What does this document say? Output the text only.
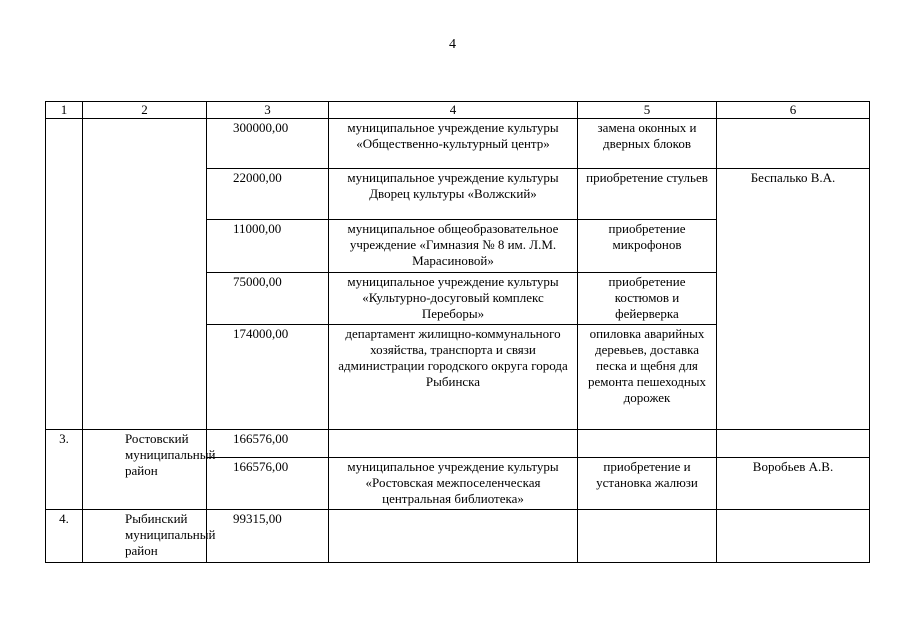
4
1	2	3	4	5	6
		300000,00	муниципальное учреждение культуры «Общественно-культурный центр»	замена оконных и дверных блоков	
		22000,00	муниципальное учреждение культуры Дворец культуры «Волжский»	приобретение стульев	Беспалько В.А.
		11000,00	муниципальное общеобразовательное учреждение «Гимназия № 8 им. Л.М. Марасиновой»	приобретение микрофонов	
		75000,00	муниципальное учреждение культуры «Культурно-досуговый комплекс Переборы»	приобретение костюмов и фейерверка	
		174000,00	департамент жилищно-коммунального хозяйства, транспорта и связи администрации городского округа города Рыбинска	опиловка аварийных деревьев, доставка песка и щебня для ремонта пешеходных дорожек	
3.	Ростовский муниципальный район	166576,00			
		166576,00	муниципальное учреждение культуры «Ростовская межпоселенческая центральная библиотека»	приобретение и установка жалюзи	Воробьев А.В.
4.	Рыбинский муниципальный район	99315,00			
